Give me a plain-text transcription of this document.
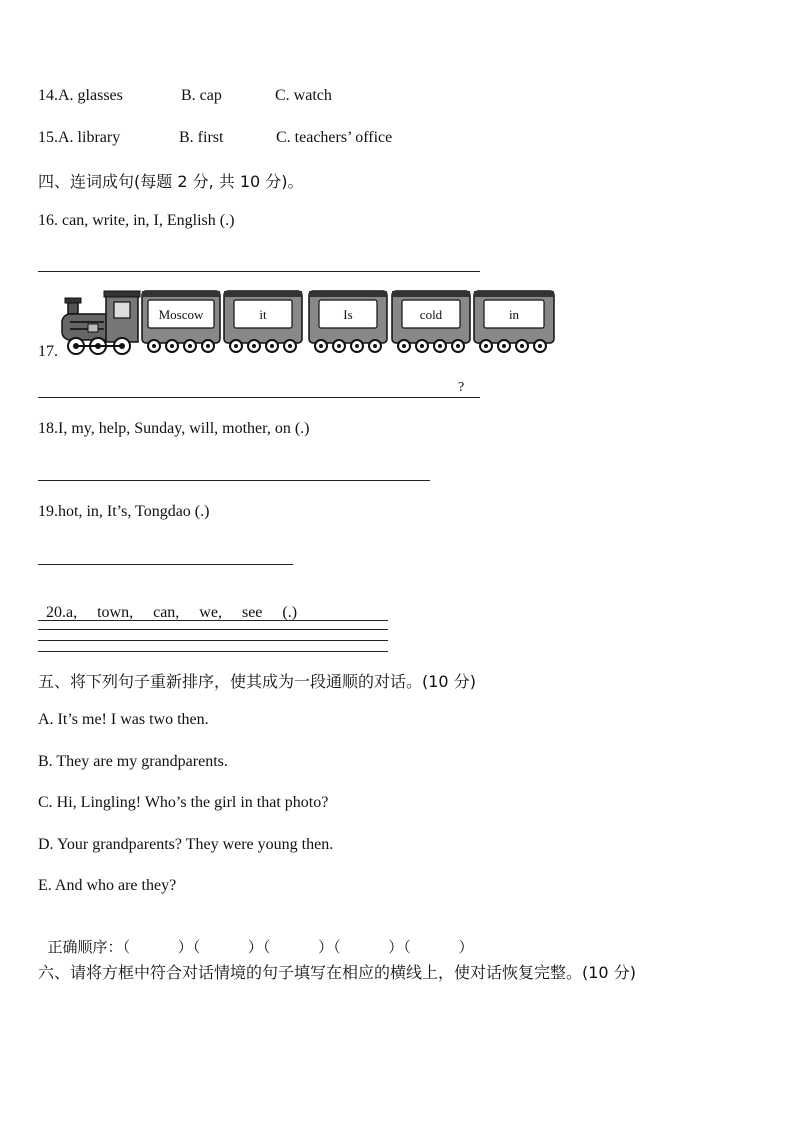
14.A. glasses	B. cap	C. watch
15.A. library	B. first	C. teachers’ office
四、连词成句(每题 2 分, 共 10 分)。
16. can, write, in, I, English (.)
17.
Moscow	it	Is	cold	in
?
18.I, my, help, Sunday, will, mother, on (.)
19.hot, in, It’s, Tongdao (.)

20.a,     town,     can,     we,     see     (.)

五、将下列句子重新排序，使其成为一段通顺的对话。(10 分)
A. It’s me! I was two then.
B. They are my grandparents.
C. Hi, Lingling! Who’s the girl in that photo?
D. Your grandparents? They were young then.
E. And who are they?

正确顺序：（          ）（          ）（          ）（          ）（          ）

六、请将方框中符合对话情境的句子填写在相应的横线上，使对话恢复完整。(10 分)
